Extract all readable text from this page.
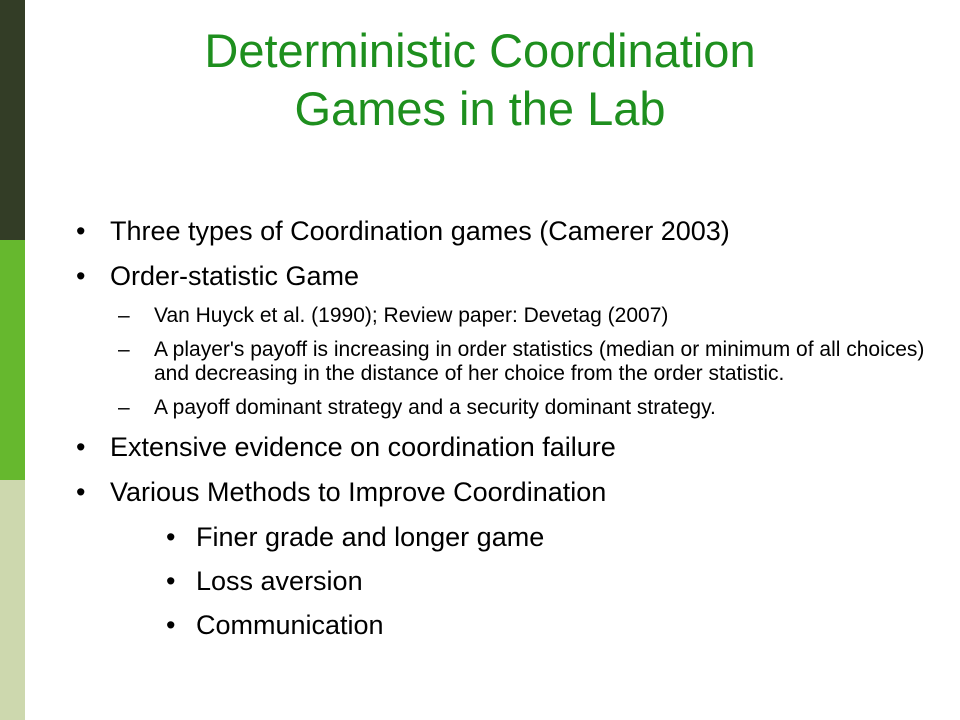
Deterministic Coordination
Games in the Lab
• Three types of Coordination games (Camerer 2003)
• Order-statistic Game
– Van Huyck et al. (1990); Review paper: Devetag (2007)
– A player's payoff is increasing in order statistics (median or minimum of all choices) and decreasing in the distance of her choice from the order statistic.
– A payoff dominant strategy and a security dominant strategy.
• Extensive evidence on coordination failure
• Various Methods to Improve Coordination
• Finer grade and longer game
• Loss aversion
• Communication
